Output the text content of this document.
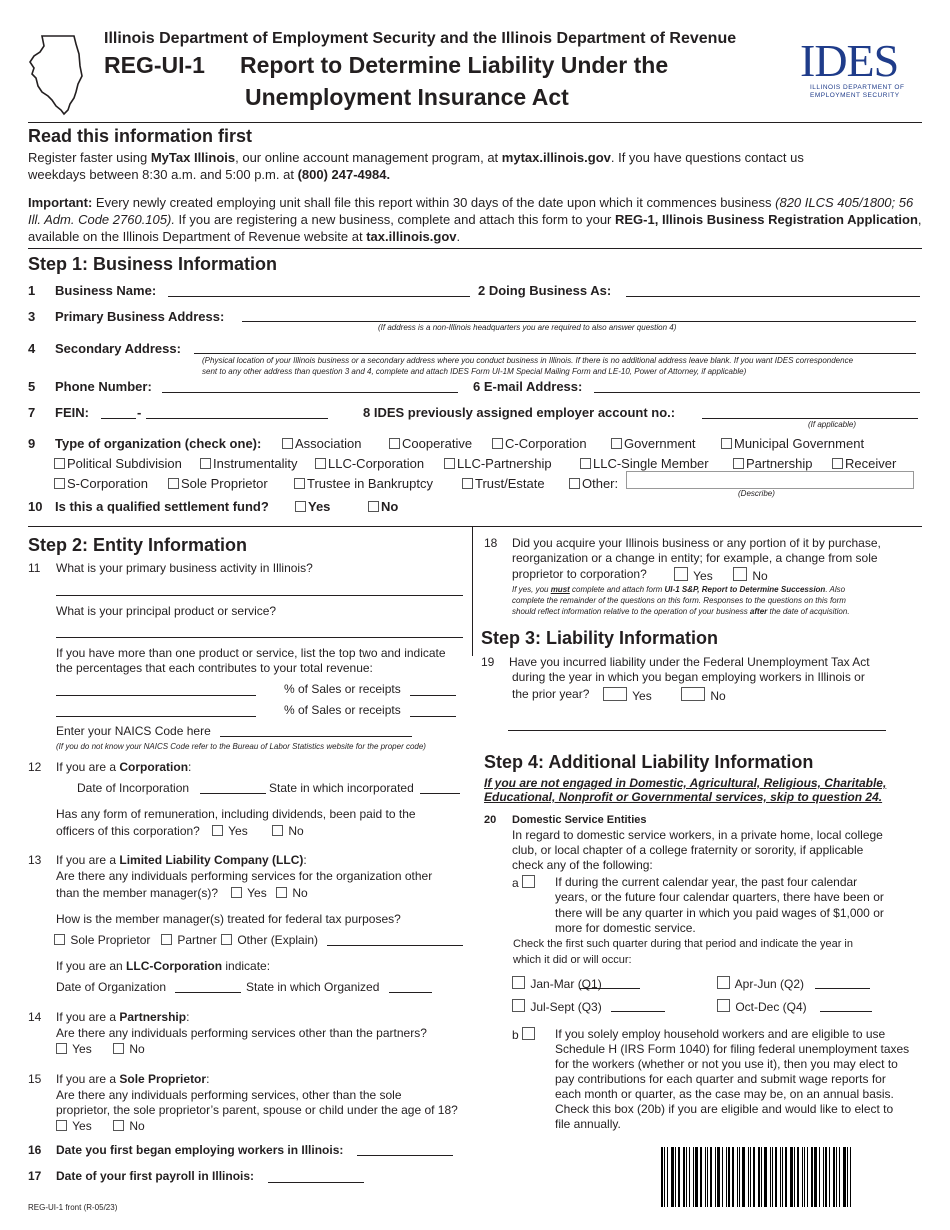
Illinois Department of Employment Security and the Illinois Department of Revenue
REG-UI-1 Report to Determine Liability Under the
Unemployment Insurance Act
IDES
ILLINOIS DEPARTMENT OF
EMPLOYMENT SECURITY
Read this information first
Register faster using MyTax Illinois, our online account management program, at mytax.illinois.gov. If you have questions contact us
weekdays between 8:30 a.m. and 5:00 p.m. at (800) 247-4984.
Important: Every newly created employing unit shall file this report within 30 days of the date upon which it commences business (820 ILCS 405/1800; 56 Ill. Adm. Code 2760.105). If you are registering a new business, complete and attach this form to your REG-1, Illinois Business Registration Application, available on the Illinois Department of Revenue website at tax.illinois.gov.
Step 1: Business Information
1 Business Name:	2 Doing Business As:
3 Primary Business Address:
(If address is a non-Illinois headquarters you are required to also answer question 4)
4 Secondary Address:
(Physical location of your Illinois business or a secondary address where you conduct business in Illinois. If there is no additional address leave blank. If you want IDES correspondence
sent to any other address than question 3 and 4, complete and attach IDES Form UI-1M Special Mailing Form and LE-10, Power of Attorney, if applicable)
5 Phone Number:	6 E-mail Address:
7 FEIN:	-	8 IDES previously assigned employer account no.:
(If applicable)
9 Type of organization (check one):	Association	Cooperative	C-Corporation	Government	Municipal Government
Political Subdivision	Instrumentality	LLC-Corporation	LLC-Partnership	LLC-Single Member	Partnership	Receiver
S-Corporation	Sole Proprietor	Trustee in Bankruptcy	Trust/Estate	Other:
(Describe)
10 Is this a qualified settlement fund?	Yes	No
Step 2: Entity Information
11 What is your primary business activity in Illinois?
What is your principal product or service?
If you have more than one product or service, list the top two and indicate
the percentages that each contributes to your total revenue:
% of Sales or receipts
% of Sales or receipts
Enter your NAICS Code here
(If you do not know your NAICS Code refer to the Bureau of Labor Statistics website for the proper code)
12 If you are a Corporation:
Date of Incorporation	State in which incorporated
Has any form of remuneration, including dividends, been paid to the
officers of this corporation?	Yes	No
13 If you are a Limited Liability Company (LLC):
Are there any individuals performing services for the organization other
than the member manager(s)?	Yes	No
How is the member manager(s) treated for federal tax purposes?
Sole Proprietor	Partner	Other (Explain)
If you are an LLC-Corporation indicate:
Date of Organization	State in which Organized
14 If you are a Partnership:
Are there any individuals performing services other than the partners?
Yes	No
15 If you are a Sole Proprietor:
Are there any individuals performing services, other than the sole
proprietor, the sole proprietor’s parent, spouse or child under the age of 18?
Yes	No
16 Date you first began employing workers in Illinois:
17 Date of your first payroll in Illinois:
REG-UI-1 front (R-05/23)
18 Did you acquire your Illinois business or any portion of it by purchase,
reorganization or a change in entity; for example, a change from sole
proprietor to corporation?	Yes	No
If yes, you must complete and attach form UI-1 S&P, Report to Determine Succession. Also
complete the remainder of the questions on this form. Responses to the questions on this form
should reflect information relative to the operation of your business after the date of acquisition.
Step 3: Liability Information
19 Have you incurred liability under the Federal Unemployment Tax Act
during the year in which you began employing workers in Illinois or
the prior year?	Yes	No
Step 4: Additional Liability Information
If you are not engaged in Domestic, Agricultural, Religious, Charitable,
Educational, Nonprofit or Governmental services, skip to question 24.
20 Domestic Service Entities
In regard to domestic service workers, in a private home, local college
club, or local chapter of a college fraternity or sorority, if applicable
check any of the following:
a	If during the current calendar year, the past four calendar
years, or the future four calendar quarters, there have been or
there will be any quarter in which you paid wages of $1,000 or
more for domestic service.
Check the first such quarter during that period and indicate the year in
which it did or will occur:
Jan-Mar (Q1)	Apr-Jun (Q2)
Jul-Sept (Q3)	Oct-Dec (Q4)
b	If you solely employ household workers and are eligible to use
Schedule H (IRS Form 1040) for filing federal unemployment taxes
for the workers (whether or not you use it), then you may elect to
pay contributions for each quarter and submit wage reports for
each month or quarter, as the case may be, on an annual basis.
Check this box (20b) if you are eligible and would like to elect to
file annually.
